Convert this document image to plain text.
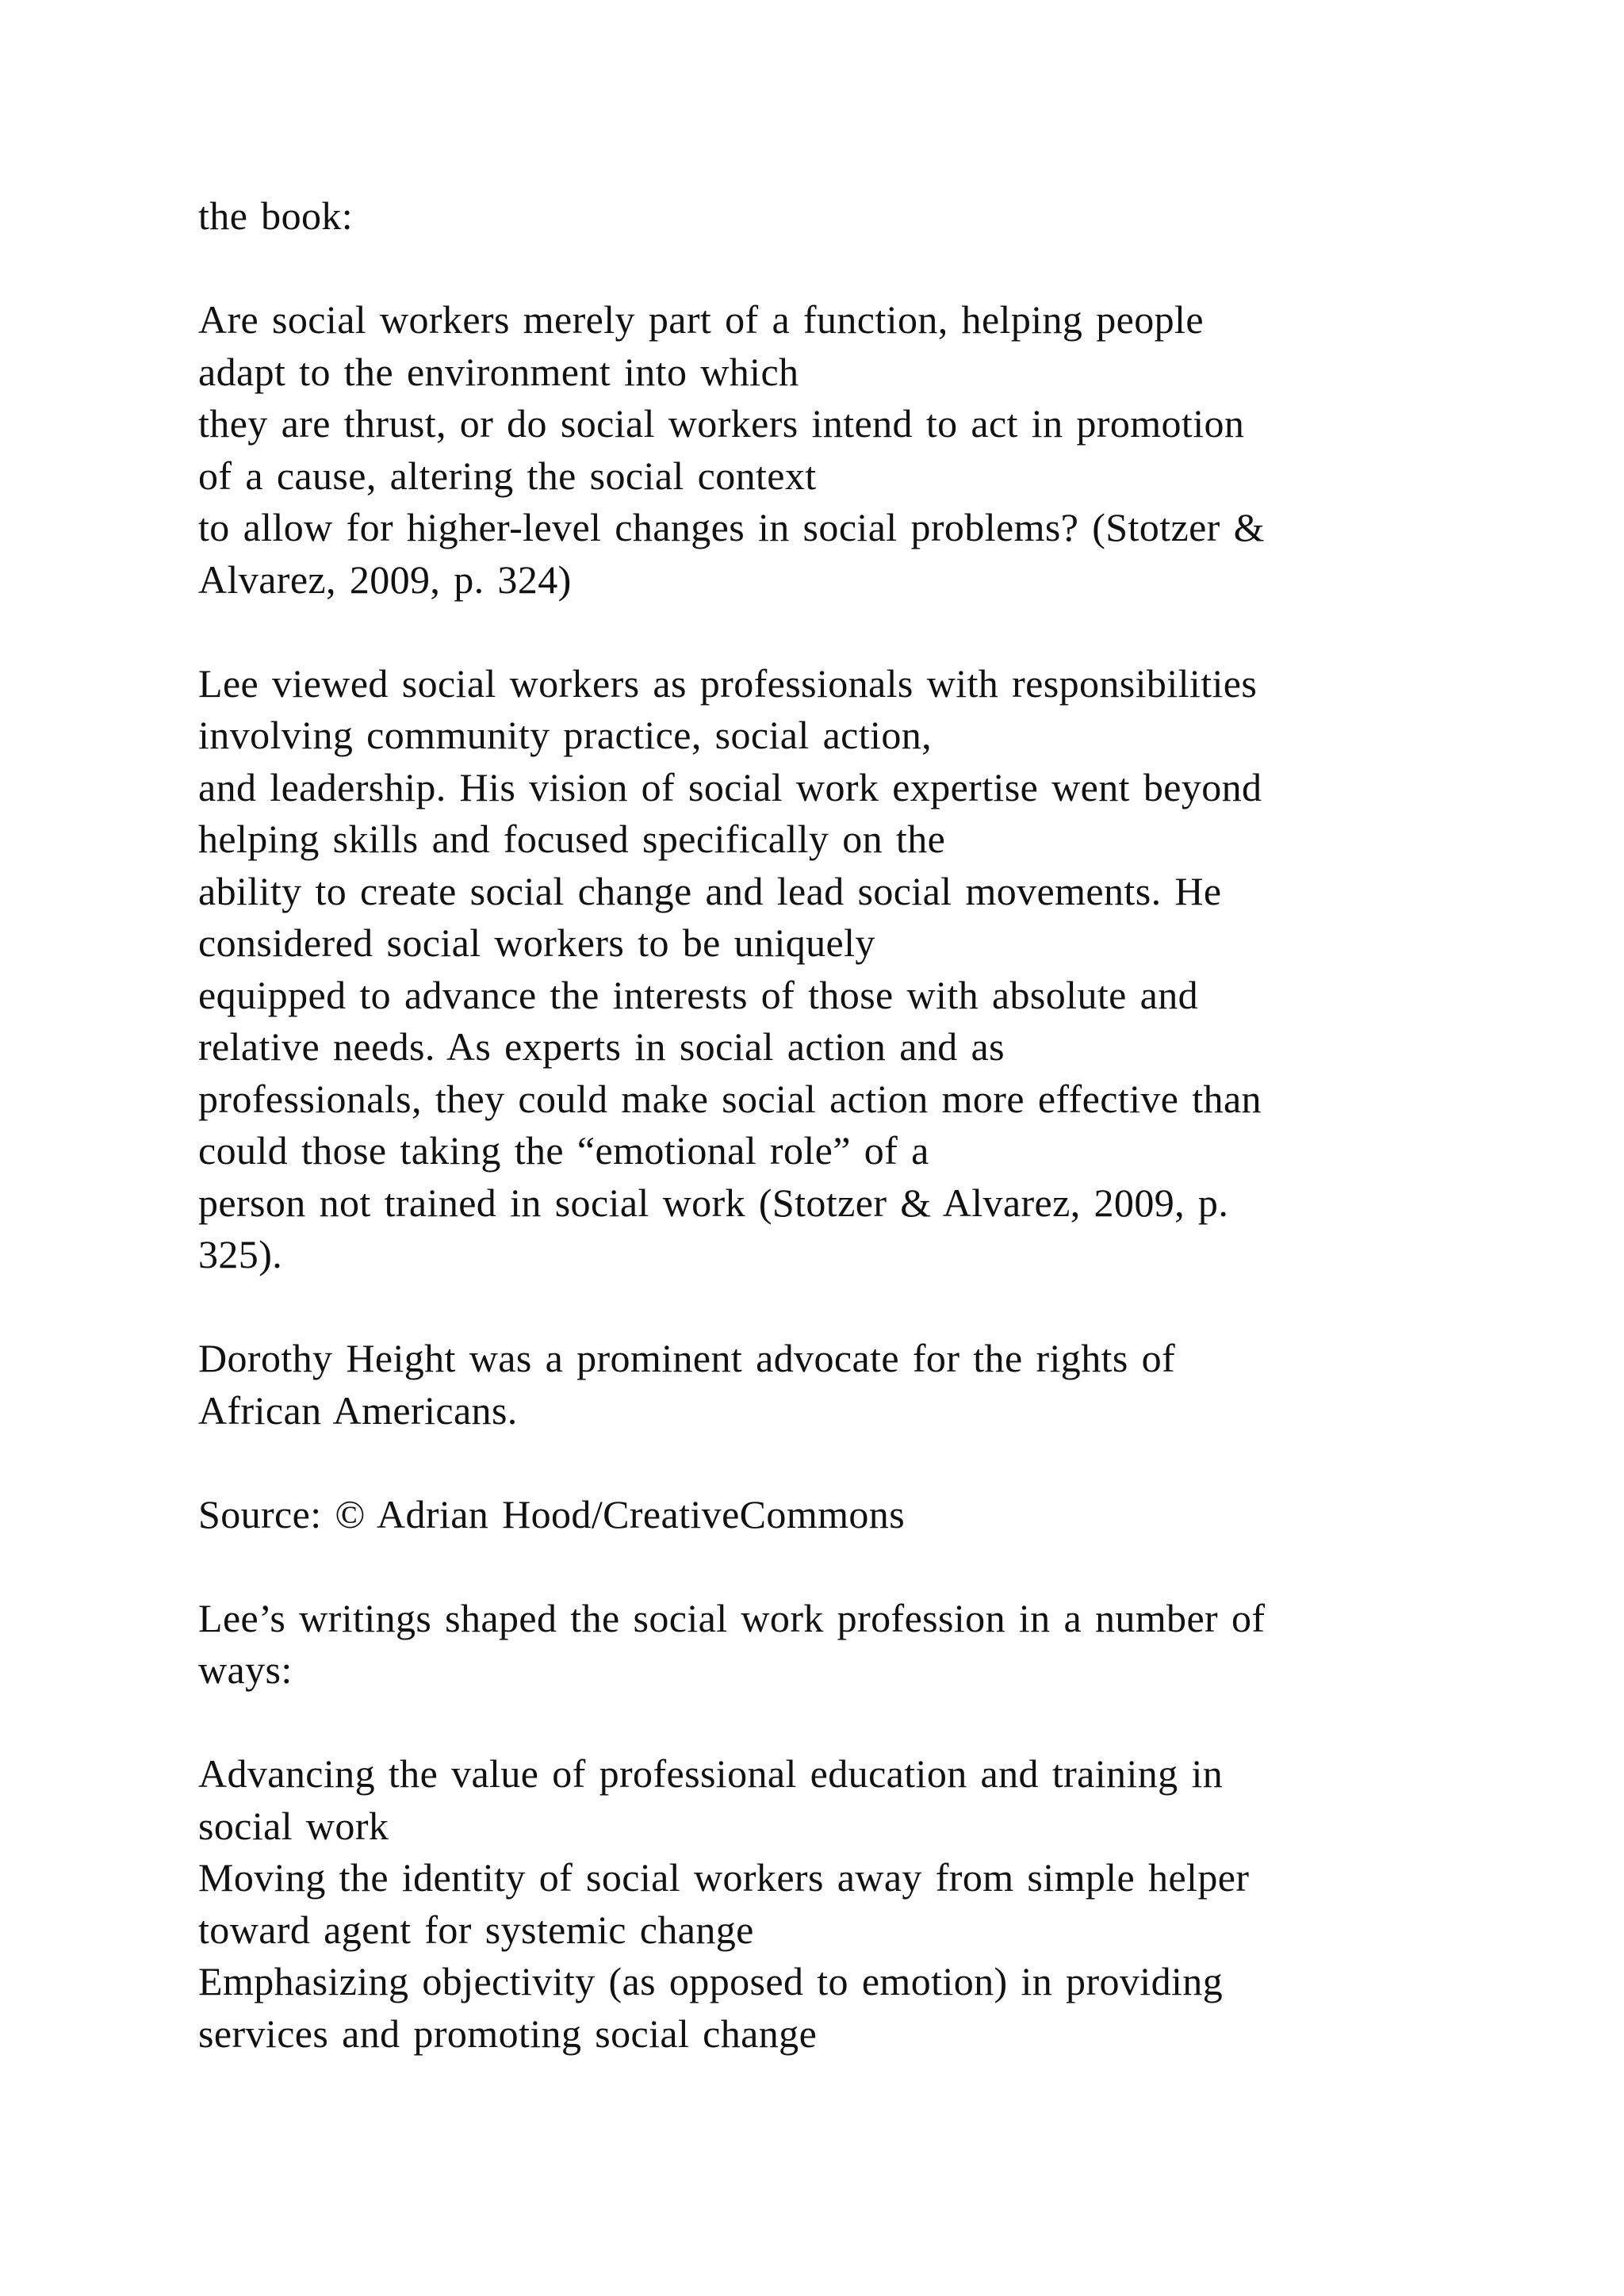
the book:

Are social workers merely part of a function, helping people
adapt to the environment into which
they are thrust, or do social workers intend to act in promotion
of a cause, altering the social context
to allow for higher-level changes in social problems? (Stotzer &
Alvarez, 2009, p. 324)

Lee viewed social workers as professionals with responsibilities
involving community practice, social action,
and leadership. His vision of social work expertise went beyond
helping skills and focused specifically on the
ability to create social change and lead social movements. He
considered social workers to be uniquely
equipped to advance the interests of those with absolute and
relative needs. As experts in social action and as
professionals, they could make social action more effective than
could those taking the “emotional role” of a
person not trained in social work (Stotzer & Alvarez, 2009, p.
325).

Dorothy Height was a prominent advocate for the rights of
African Americans.

Source: © Adrian Hood/CreativeCommons

Lee’s writings shaped the social work profession in a number of
ways:

Advancing the value of professional education and training in
social work
Moving the identity of social workers away from simple helper
toward agent for systemic change
Emphasizing objectivity (as opposed to emotion) in providing
services and promoting social change
